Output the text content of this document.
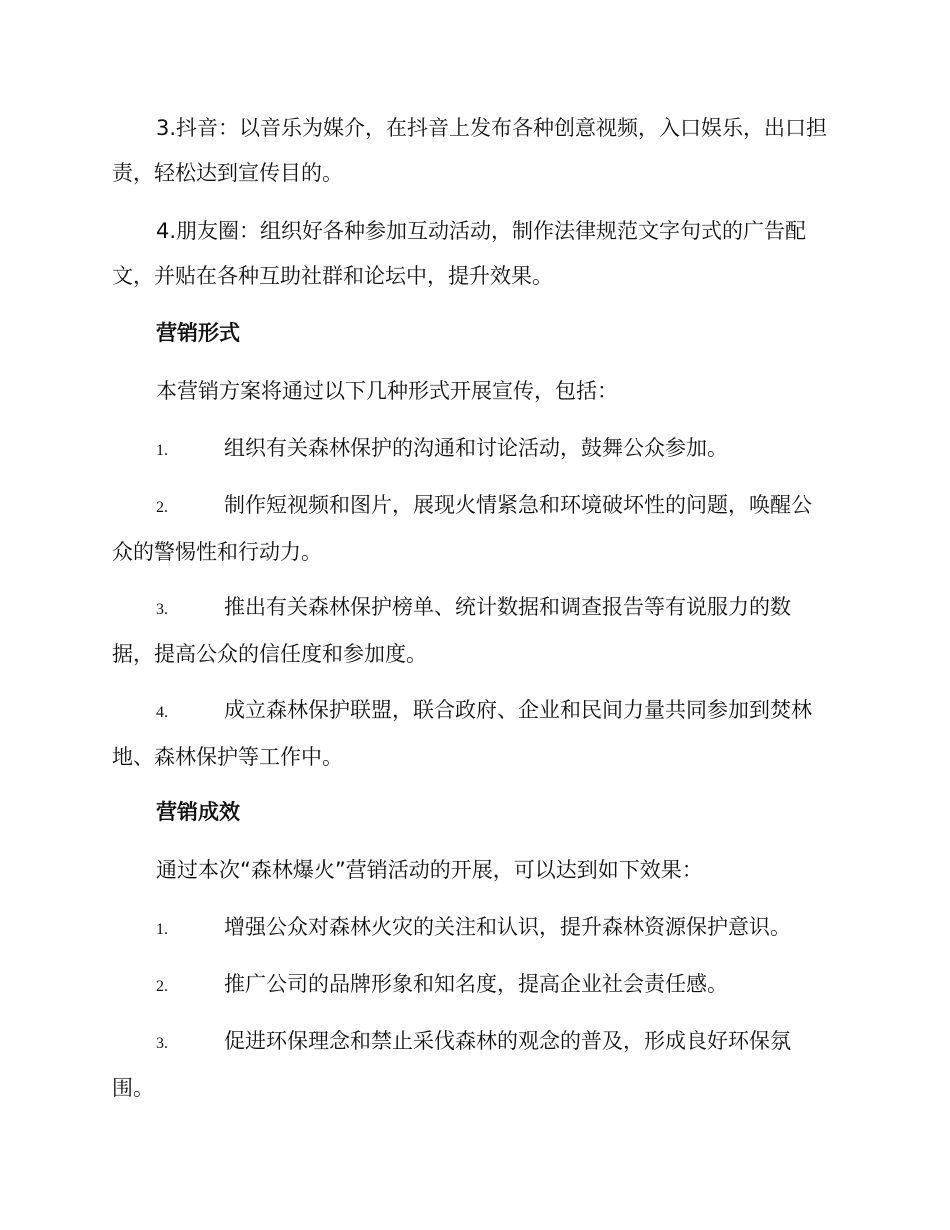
3.抖音：以音乐为媒介，在抖音上发布各种创意视频，入口娱乐，出口担责，轻松达到宣传目的。

4.朋友圈：组织好各种参加互动活动，制作法律规范文字句式的广告配文，并贴在各种互助社群和论坛中，提升效果。

营销形式

本营销方案将通过以下几种形式开展宣传，包括：

1.	组织有关森林保护的沟通和讨论活动，鼓舞公众参加。

2.	制作短视频和图片，展现火情紧急和环境破坏性的问题，唤醒公众的警惕性和行动力。

3.	推出有关森林保护榜单、统计数据和调查报告等有说服力的数据，提高公众的信任度和参加度。

4.	成立森林保护联盟，联合政府、企业和民间力量共同参加到焚林地、森林保护等工作中。

营销成效

通过本次“森林爆火”营销活动的开展，可以达到如下效果：

1.	增强公众对森林火灾的关注和认识，提升森林资源保护意识。

2.	推广公司的品牌形象和知名度，提高企业社会责任感。

3.	促进环保理念和禁止采伐森林的观念的普及，形成良好环保氛围。
